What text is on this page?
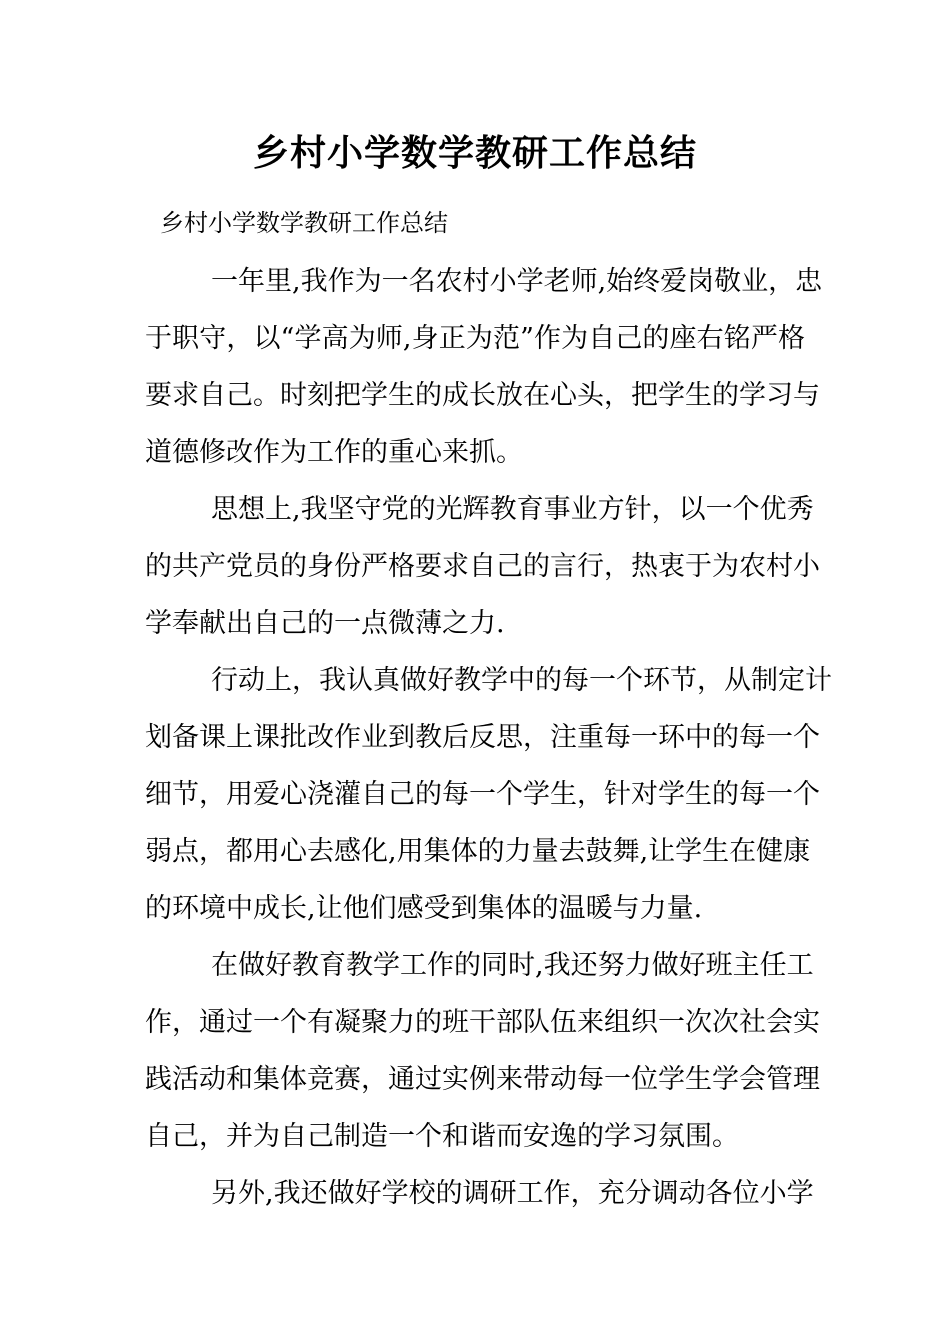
乡村小学数学教研工作总结

乡村小学数学教研工作总结

一年里,我作为一名农村小学老师,始终爱岗敬业，忠
于职守，以“学高为师,身正为范”作为自己的座右铭严格
要求自己。时刻把学生的成长放在心头，把学生的学习与
道德修改作为工作的重心来抓。
思想上,我坚守党的光辉教育事业方针，以一个优秀
的共产党员的身份严格要求自己的言行，热衷于为农村小
学奉献出自己的一点微薄之力.
行动上，我认真做好教学中的每一个环节，从制定计
划备课上课批改作业到教后反思，注重每一环中的每一个
细节，用爱心浇灌自己的每一个学生，针对学生的每一个
弱点，都用心去感化,用集体的力量去鼓舞,让学生在健康
的环境中成长,让他们感受到集体的温暖与力量.
在做好教育教学工作的同时,我还努力做好班主任工
作，通过一个有凝聚力的班干部队伍来组织一次次社会实
践活动和集体竞赛，通过实例来带动每一位学生学会管理
自己，并为自己制造一个和谐而安逸的学习氛围。
另外,我还做好学校的调研工作，充分调动各位小学
